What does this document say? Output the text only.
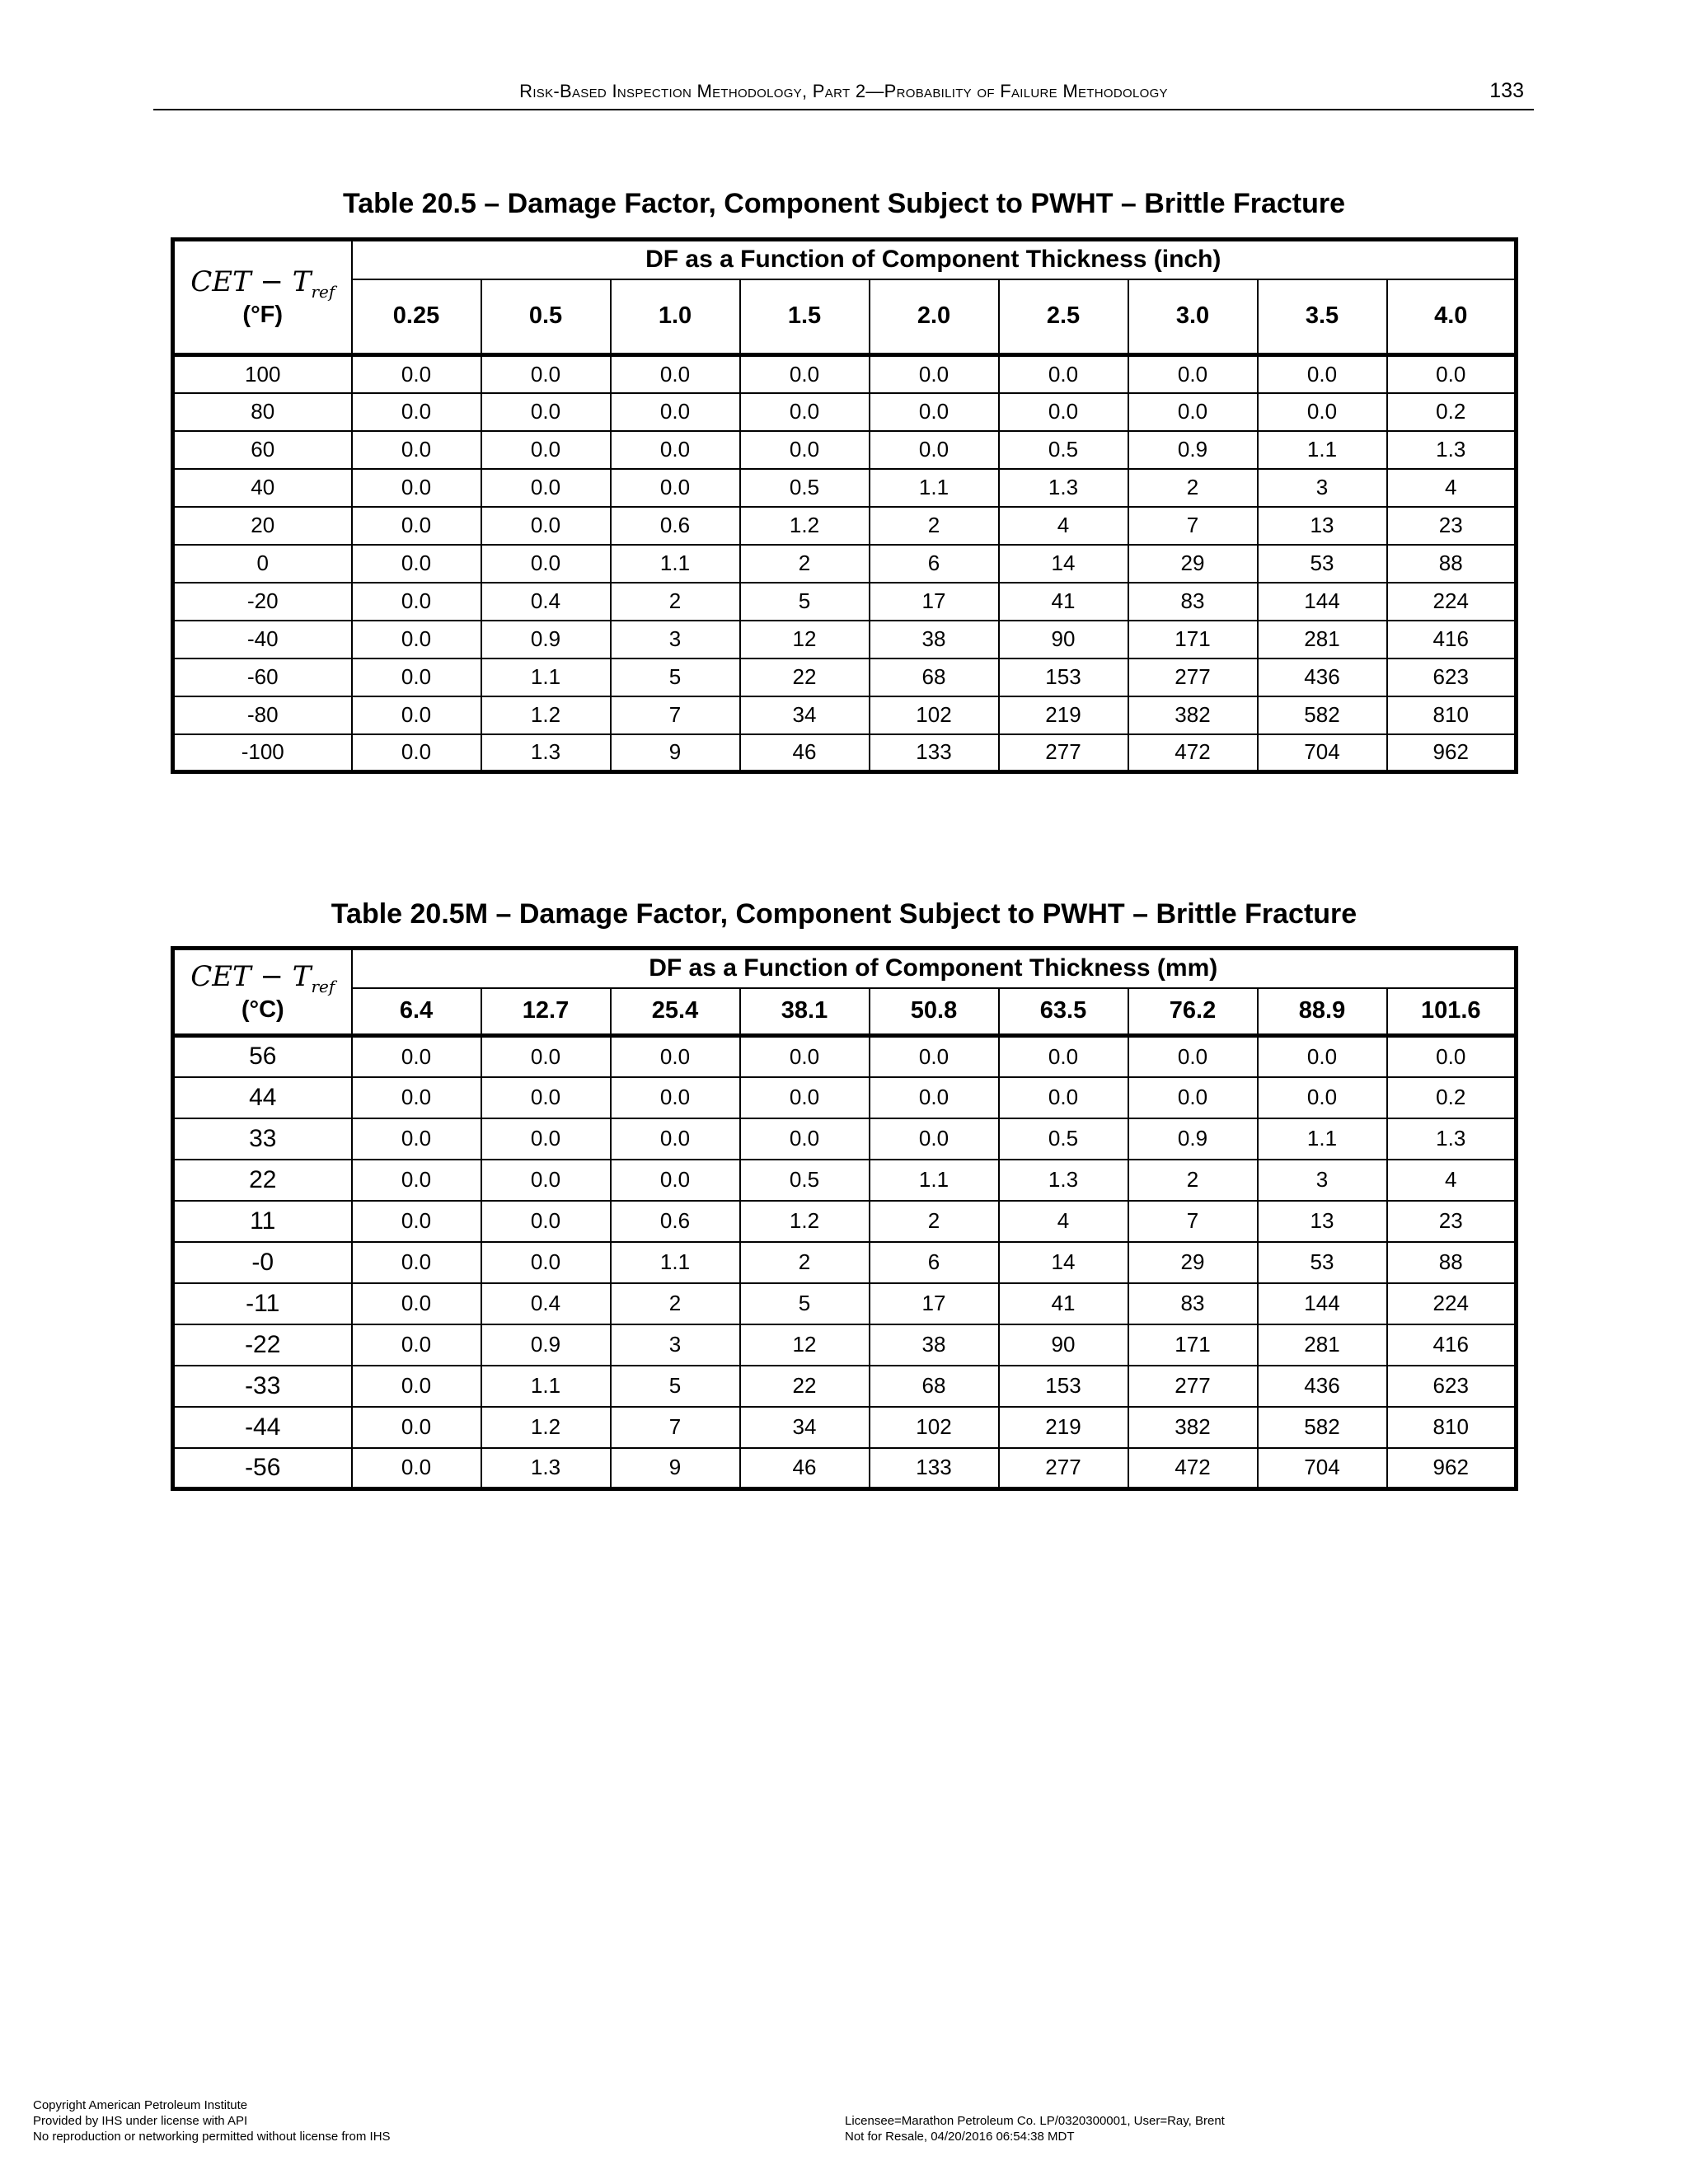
Risk-Based Inspection Methodology, Part 2—Probability of Failure Methodology	133
Table 20.5 – Damage Factor, Component Subject to PWHT – Brittle Fracture
CET − $T_{ref}$
(°F)	DF as a Function of Component Thickness (inch)								
	0.25	0.5	1.0	1.5	2.0	2.5	3.0	3.5	4.0
100	0.0	0.0	0.0	0.0	0.0	0.0	0.0	0.0	0.0
80	0.0	0.0	0.0	0.0	0.0	0.0	0.0	0.0	0.2
60	0.0	0.0	0.0	0.0	0.0	0.5	0.9	1.1	1.3
40	0.0	0.0	0.0	0.5	1.1	1.3	2	3	4
20	0.0	0.0	0.6	1.2	2	4	7	13	23
0	0.0	0.0	1.1	2	6	14	29	53	88
-20	0.0	0.4	2	5	17	41	83	144	224
-40	0.0	0.9	3	12	38	90	171	281	416
-60	0.0	1.1	5	22	68	153	277	436	623
-80	0.0	1.2	7	34	102	219	382	582	810
-100	0.0	1.3	9	46	133	277	472	704	962
Table 20.5M – Damage Factor, Component Subject to PWHT – Brittle Fracture
CET − $T_{ref}$
(°C)	DF as a Function of Component Thickness (mm)								
	6.4	12.7	25.4	38.1	50.8	63.5	76.2	88.9	101.6
56	0.0	0.0	0.0	0.0	0.0	0.0	0.0	0.0	0.0
44	0.0	0.0	0.0	0.0	0.0	0.0	0.0	0.0	0.2
33	0.0	0.0	0.0	0.0	0.0	0.5	0.9	1.1	1.3
22	0.0	0.0	0.0	0.5	1.1	1.3	2	3	4
11	0.0	0.0	0.6	1.2	2	4	7	13	23
-0	0.0	0.0	1.1	2	6	14	29	53	88
-11	0.0	0.4	2	5	17	41	83	144	224
-22	0.0	0.9	3	12	38	90	171	281	416
-33	0.0	1.1	5	22	68	153	277	436	623
-44	0.0	1.2	7	34	102	219	382	582	810
-56	0.0	1.3	9	46	133	277	472	704	962
Copyright American Petroleum Institute
Provided by IHS under license with API
No reproduction or networking permitted without license from IHS
Licensee=Marathon Petroleum Co. LP/0320300001, User=Ray, Brent
Not for Resale, 04/20/2016 06:54:38 MDT
